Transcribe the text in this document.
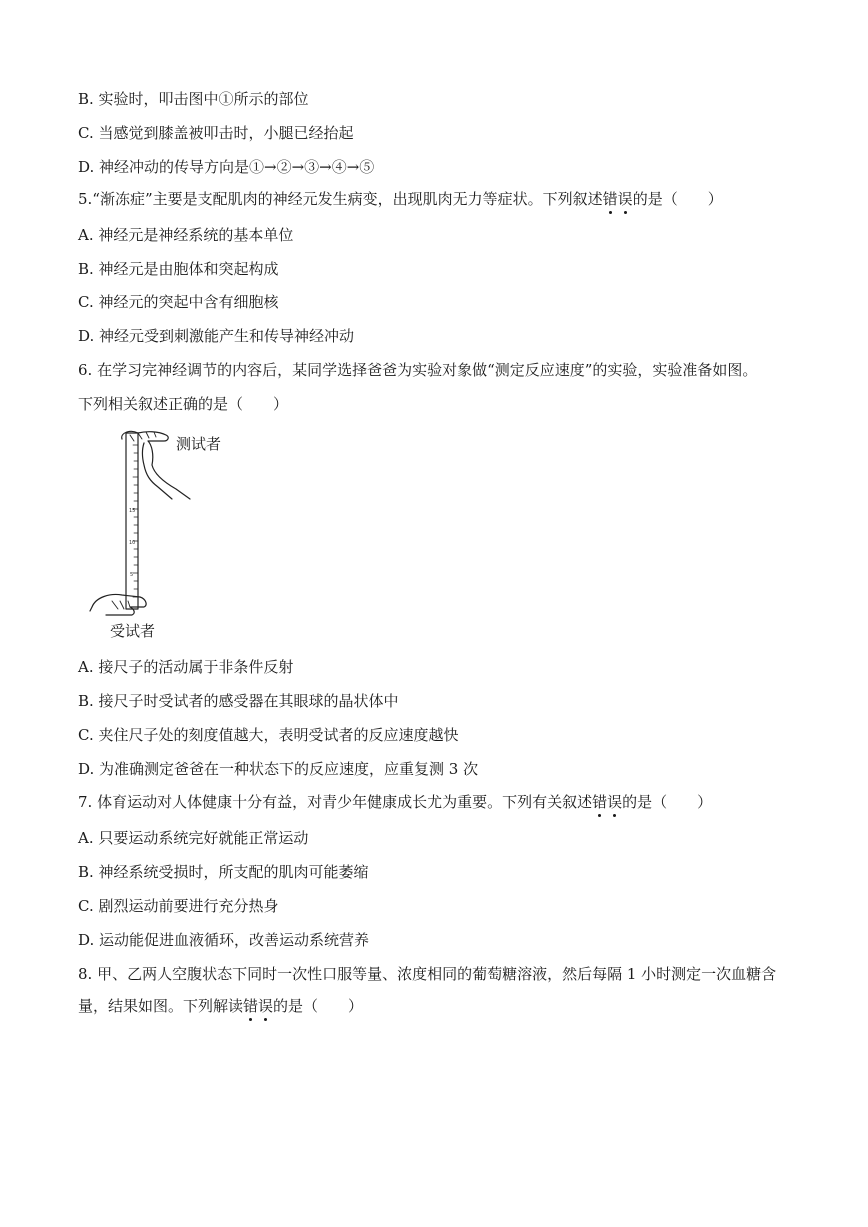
B. 实验时，叩击图中①所示的部位
C. 当感觉到膝盖被叩击时，小腿已经抬起
D. 神经冲动的传导方向是①→②→③→④→⑤
5.“渐冻症”主要是支配肌肉的神经元发生病变，出现肌肉无力等症状。下列叙述错误的是（　　）
A. 神经元是神经系统的基本单位
B. 神经元是由胞体和突起构成
C. 神经元的突起中含有细胞核
D. 神经元受到刺激能产生和传导神经冲动
6. 在学习完神经调节的内容后，某同学选择爸爸为实验对象做“测定反应速度”的实验，实验准备如图。
下列相关叙述正确的是（　　）
15
10
5
测试者
受试者
A. 接尺子的活动属于非条件反射
B. 接尺子时受试者的感受器在其眼球的晶状体中
C. 夹住尺子处的刻度值越大，表明受试者的反应速度越快
D. 为准确测定爸爸在一种状态下的反应速度，应重复测 3 次
7. 体育运动对人体健康十分有益，对青少年健康成长尤为重要。下列有关叙述错误的是（　　）
A. 只要运动系统完好就能正常运动
B. 神经系统受损时，所支配的肌肉可能萎缩
C. 剧烈运动前要进行充分热身
D. 运动能促进血液循环，改善运动系统营养
8. 甲、乙两人空腹状态下同时一次性口服等量、浓度相同的葡萄糖溶液，然后每隔 1 小时测定一次血糖含
量，结果如图。下列解读错误的是（　　）
